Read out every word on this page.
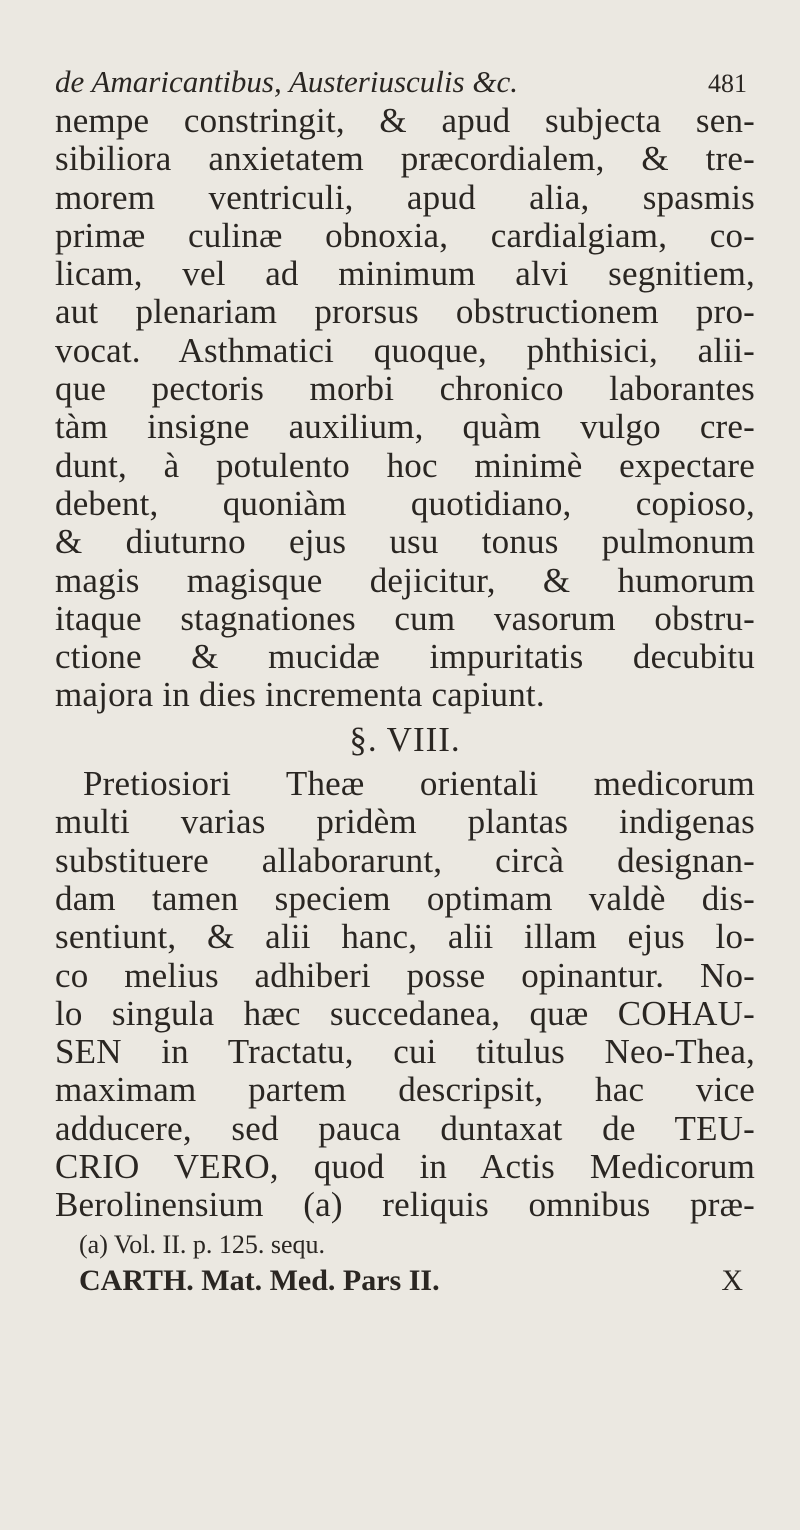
de Amaricantibus, Austeriusculis &c.	481
nempe constringit, & apud subjecta sen-
sibiliora anxietatem præcordialem, & tre-
morem ventriculi, apud alia, spasmis
primæ culinæ obnoxia, cardialgiam, co-
licam, vel ad minimum alvi segnitiem,
aut plenariam prorsus obstructionem pro-
vocat. Asthmatici quoque, phthisici, alii-
que pectoris morbi chronico laborantes
tàm insigne auxilium, quàm vulgo cre-
dunt, à potulento hoc minimè expectare
debent, quoniàm quotidiano, copioso,
& diuturno ejus usu tonus pulmonum
magis magisque dejicitur, & humorum
itaque stagnationes cum vasorum obstru-
ctione & mucidæ impuritatis decubitu
majora in dies incrementa capiunt.
§. VIII.
Pretiosiori Theæ orientali medicorum
multi varias pridèm plantas indigenas
substituere allaborarunt, circà designan-
dam tamen speciem optimam valdè dis-
sentiunt, & alii hanc, alii illam ejus lo-
co melius adhiberi posse opinantur. No-
lo singula hæc succedanea, quæ COHAU-
SEN in Tractatu, cui titulus Neo-Thea,
maximam partem descripsit, hac vice
adducere, sed pauca duntaxat de TEU-
CRIO VERO, quod in Actis Medicorum
Berolinensium (a) reliquis omnibus præ-
(a) Vol. II. p. 125. sequ.
CARTH. Mat. Med. Pars II.	X
